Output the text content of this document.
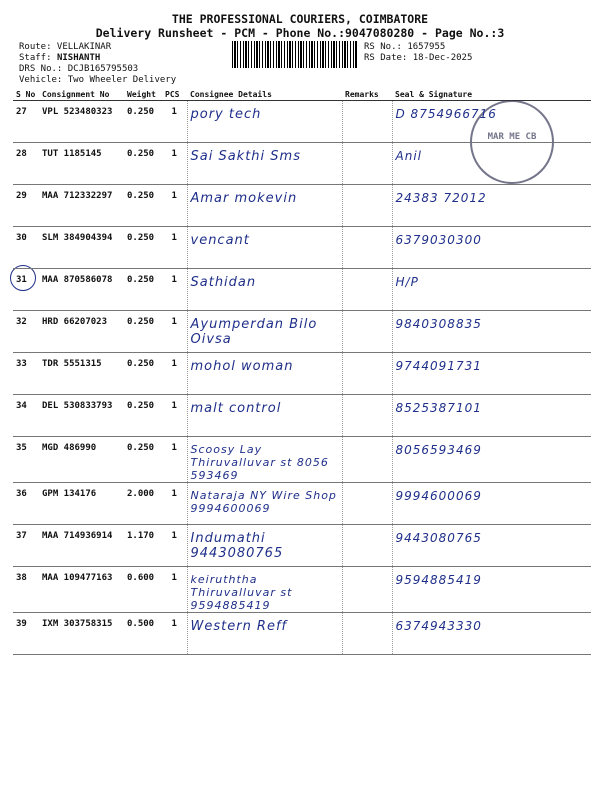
THE PROFESSIONAL COURIERS, COIMBATORE
Delivery Runsheet - PCM - Phone No.:9047080280 - Page No.:3
Route: VELLAKINAR
Staff: NISHANTH
DRS No.: DCJB165795503
Vehicle: Two Wheeler Delivery
RS No.: 1657955
RS Date: 18-Dec-2025
MAR ME CB
S No	Consignment No	Weight	PCS	Consignee Details	Remarks	Seal & Signature
27	VPL 523480323	0.250	1	pory tech		D 8754966716

28	TUT 1185145	0.250	1	Sai Sakthi Sms		Anil

29	MAA 712332297	0.250	1	Amar mokevin		24383 72012

30	SLM 384904394	0.250	1	vencant		6379030300

31	MAA 870586078	0.250	1	Sathidan		H/P

32	HRD 66207023	0.250	1	Ayumperdan Bilo Oivsa		9840308835

33	TDR 5551315	0.250	1	mohol woman		9744091731

34	DEL 530833793	0.250	1	malt control		8525387101

35	MGD 486990	0.250	1	Scoosy Lay Thiruvalluvar st 8056 593469		8056593469

36	GPM 134176	2.000	1	Nataraja NY Wire Shop 9994600069		9994600069

37	MAA 714936914	1.170	1	Indumathi 9443080765		9443080765

38	MAA 109477163	0.600	1	keiruththa Thiruvalluvar st 9594885419		9594885419

39	IXM 303758315	0.500	1	Western Reff		6374943330
